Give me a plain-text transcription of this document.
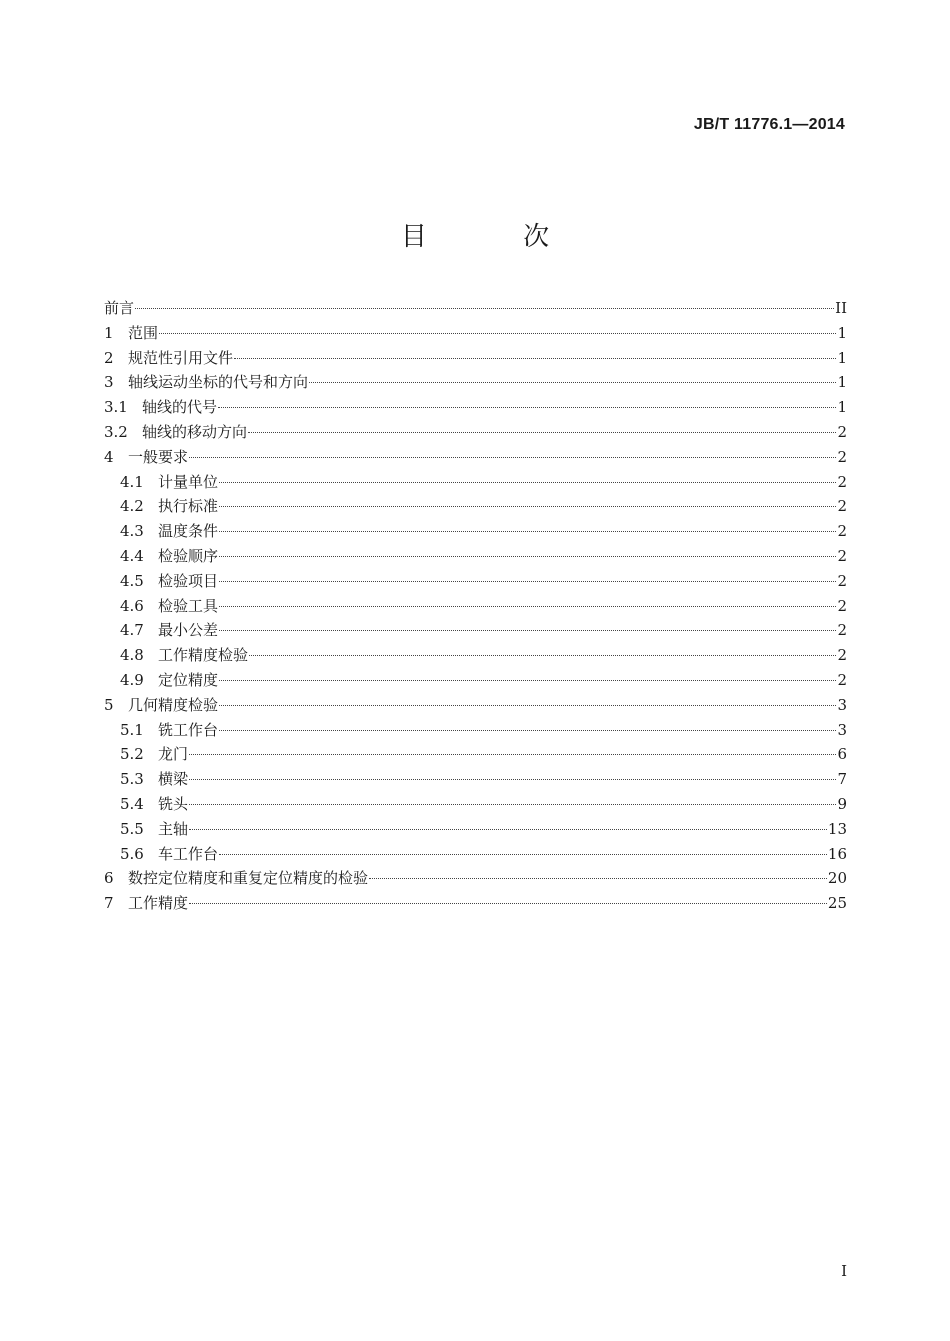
JB/T 11776.1—2014
目 次
前言	II
1 范围	1
2 规范性引用文件	1
3 轴线运动坐标的代号和方向	1
3.1 轴线的代号	1
3.2 轴线的移动方向	2
4 一般要求	2
4.1 计量单位	2
4.2 执行标准	2
4.3 温度条件	2
4.4 检验顺序	2
4.5 检验项目	2
4.6 检验工具	2
4.7 最小公差	2
4.8 工作精度检验	2
4.9 定位精度	2
5 几何精度检验	3
5.1 铣工作台	3
5.2 龙门	6
5.3 横梁	7
5.4 铣头	9
5.5 主轴	13
5.6 车工作台	16
6 数控定位精度和重复定位精度的检验	20
7 工作精度	25
I
